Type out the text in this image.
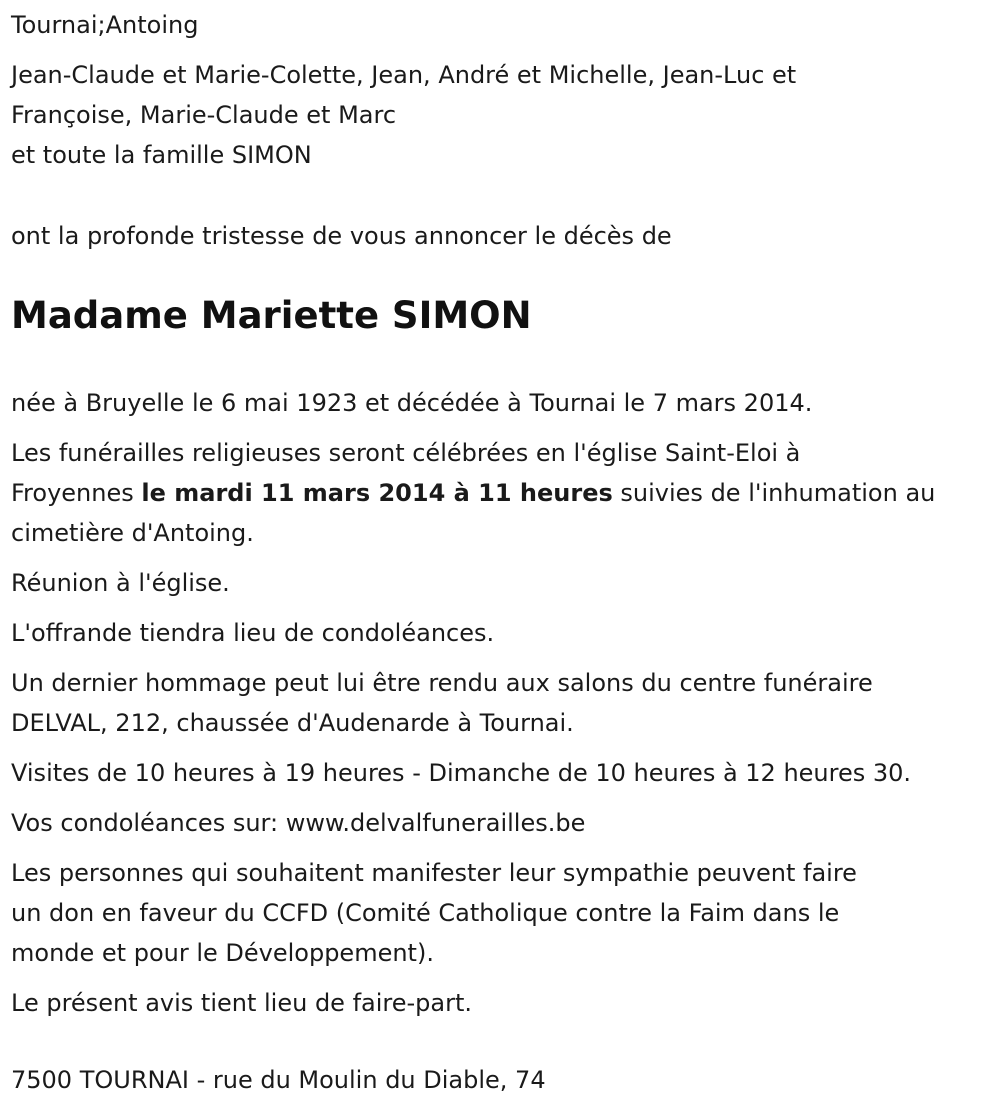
Tournai;Antoing

Jean-Claude et Marie-Colette, Jean, André et Michelle, Jean-Luc et

Françoise, Marie-Claude et Marc

et toute la famille SIMON

ont la profonde tristesse de vous annoncer le décès de

Madame Mariette SIMON

née à Bruyelle le 6 mai 1923 et décédée à Tournai le 7 mars 2014.

Les funérailles religieuses seront célébrées en l'église Saint-Eloi à

Froyennes le mardi 11 mars 2014 à 11 heures suivies de l'inhumation au

cimetière d'Antoing.

Réunion à l'église.

L'offrande tiendra lieu de condoléances.

Un dernier hommage peut lui être rendu aux salons du centre funéraire

DELVAL, 212, chaussée d'Audenarde à Tournai.

Visites de 10 heures à 19 heures - Dimanche de 10 heures à 12 heures 30.

Vos condoléances sur: www.delvalfunerailles.be

Les personnes qui souhaitent manifester leur sympathie peuvent faire

un don en faveur du CCFD (Comité Catholique contre la Faim dans le

monde et pour le Développement).

Le présent avis tient lieu de faire-part.

7500 TOURNAI - rue du Moulin du Diable, 74
